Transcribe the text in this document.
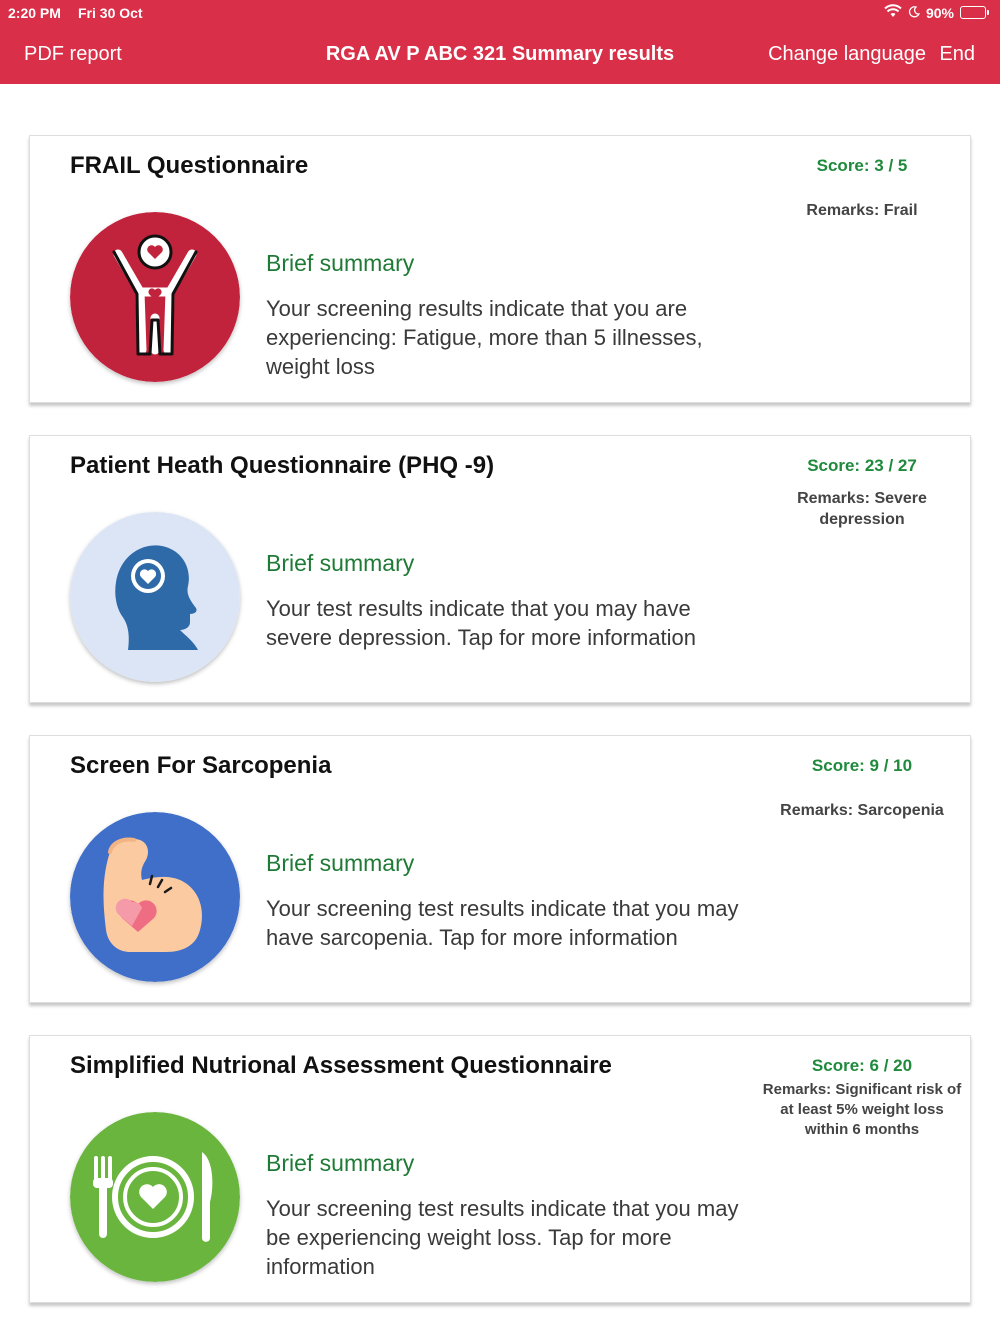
2:20 PM Fri 30 Oct	90%
PDF report	RGA AV P ABC 321 Summary results	Change language End
FRAIL Questionnaire
Brief summary
Your screening results indicate that you are experiencing: Fatigue, more than 5 illnesses, weight loss
Score: 3 / 5
Remarks: Frail
Patient Heath Questionnaire (PHQ -9)
Brief summary
Your test results indicate that you may have severe depression. Tap for more information
Score: 23 / 27
Remarks: Severe depression
Screen For Sarcopenia
Brief summary
Your screening test results indicate that you may have sarcopenia. Tap for more information
Score: 9 / 10
Remarks: Sarcopenia
Simplified Nutrional Assessment Questionnaire
Brief summary
Your screening test results indicate that you may be experiencing weight loss. Tap for more information
Score: 6 / 20
Remarks: Significant risk of at least 5% weight loss within 6 months
